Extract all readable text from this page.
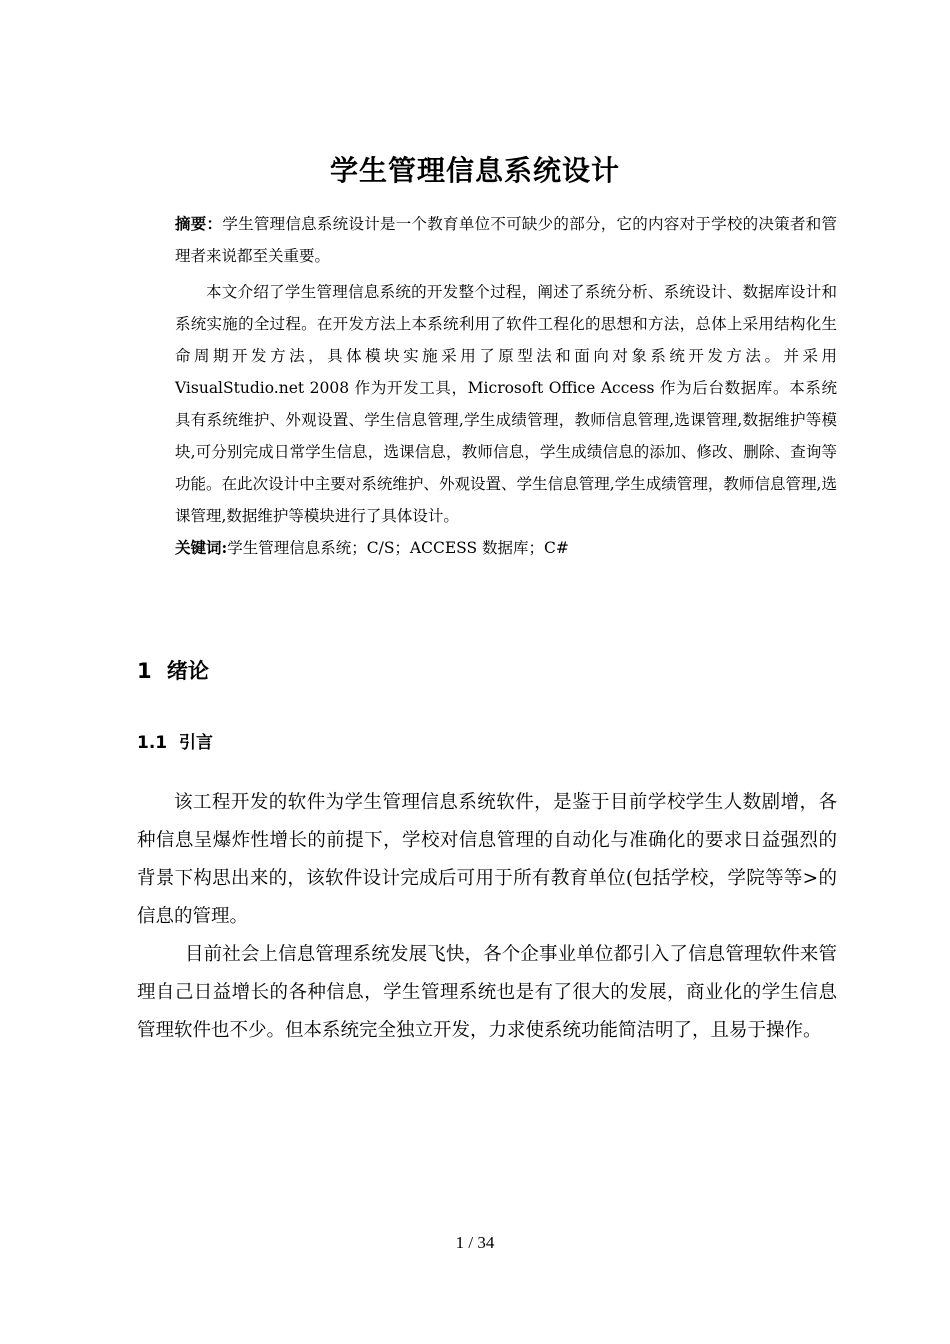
学生管理信息系统设计

摘要：学生管理信息系统设计是一个教育单位不可缺少的部分，它的内容对于学校的决策者和管理者来说都至关重要。

本文介绍了学生管理信息系统的开发整个过程，阐述了系统分析、系统设计、数据库设计和系统实施的全过程。在开发方法上本系统利用了软件工程化的思想和方法，总体上采用结构化生命周期开发方法，具体模块实施采用了原型法和面向对象系统开发方法。并采用 VisualStudio.net 2008 作为开发工具，Microsoft Office Access 作为后台数据库。本系统具有系统维护、外观设置、学生信息管理,学生成绩管理，教师信息管理,选课管理,数据维护等模块,可分别完成日常学生信息，选课信息，教师信息，学生成绩信息的添加、修改、删除、查询等功能。在此次设计中主要对系统维护、外观设置、学生信息管理,学生成绩管理，教师信息管理,选课管理,数据维护等模块进行了具体设计。

关键词:学生管理信息系统；C/S；ACCESS 数据库；C#

1 绪论
1.1 引言

该工程开发的软件为学生管理信息系统软件，是鉴于目前学校学生人数剧增，各种信息呈爆炸性增长的前提下，学校对信息管理的自动化与准确化的要求日益强烈的背景下构思出来的，该软件设计完成后可用于所有教育单位(包括学校，学院等等>的信息的管理。

目前社会上信息管理系统发展飞快，各个企事业单位都引入了信息管理软件来管理自己日益增长的各种信息，学生管理系统也是有了很大的发展，商业化的学生信息管理软件也不少。但本系统完全独立开发，力求使系统功能简洁明了，且易于操作。

1 / 34
